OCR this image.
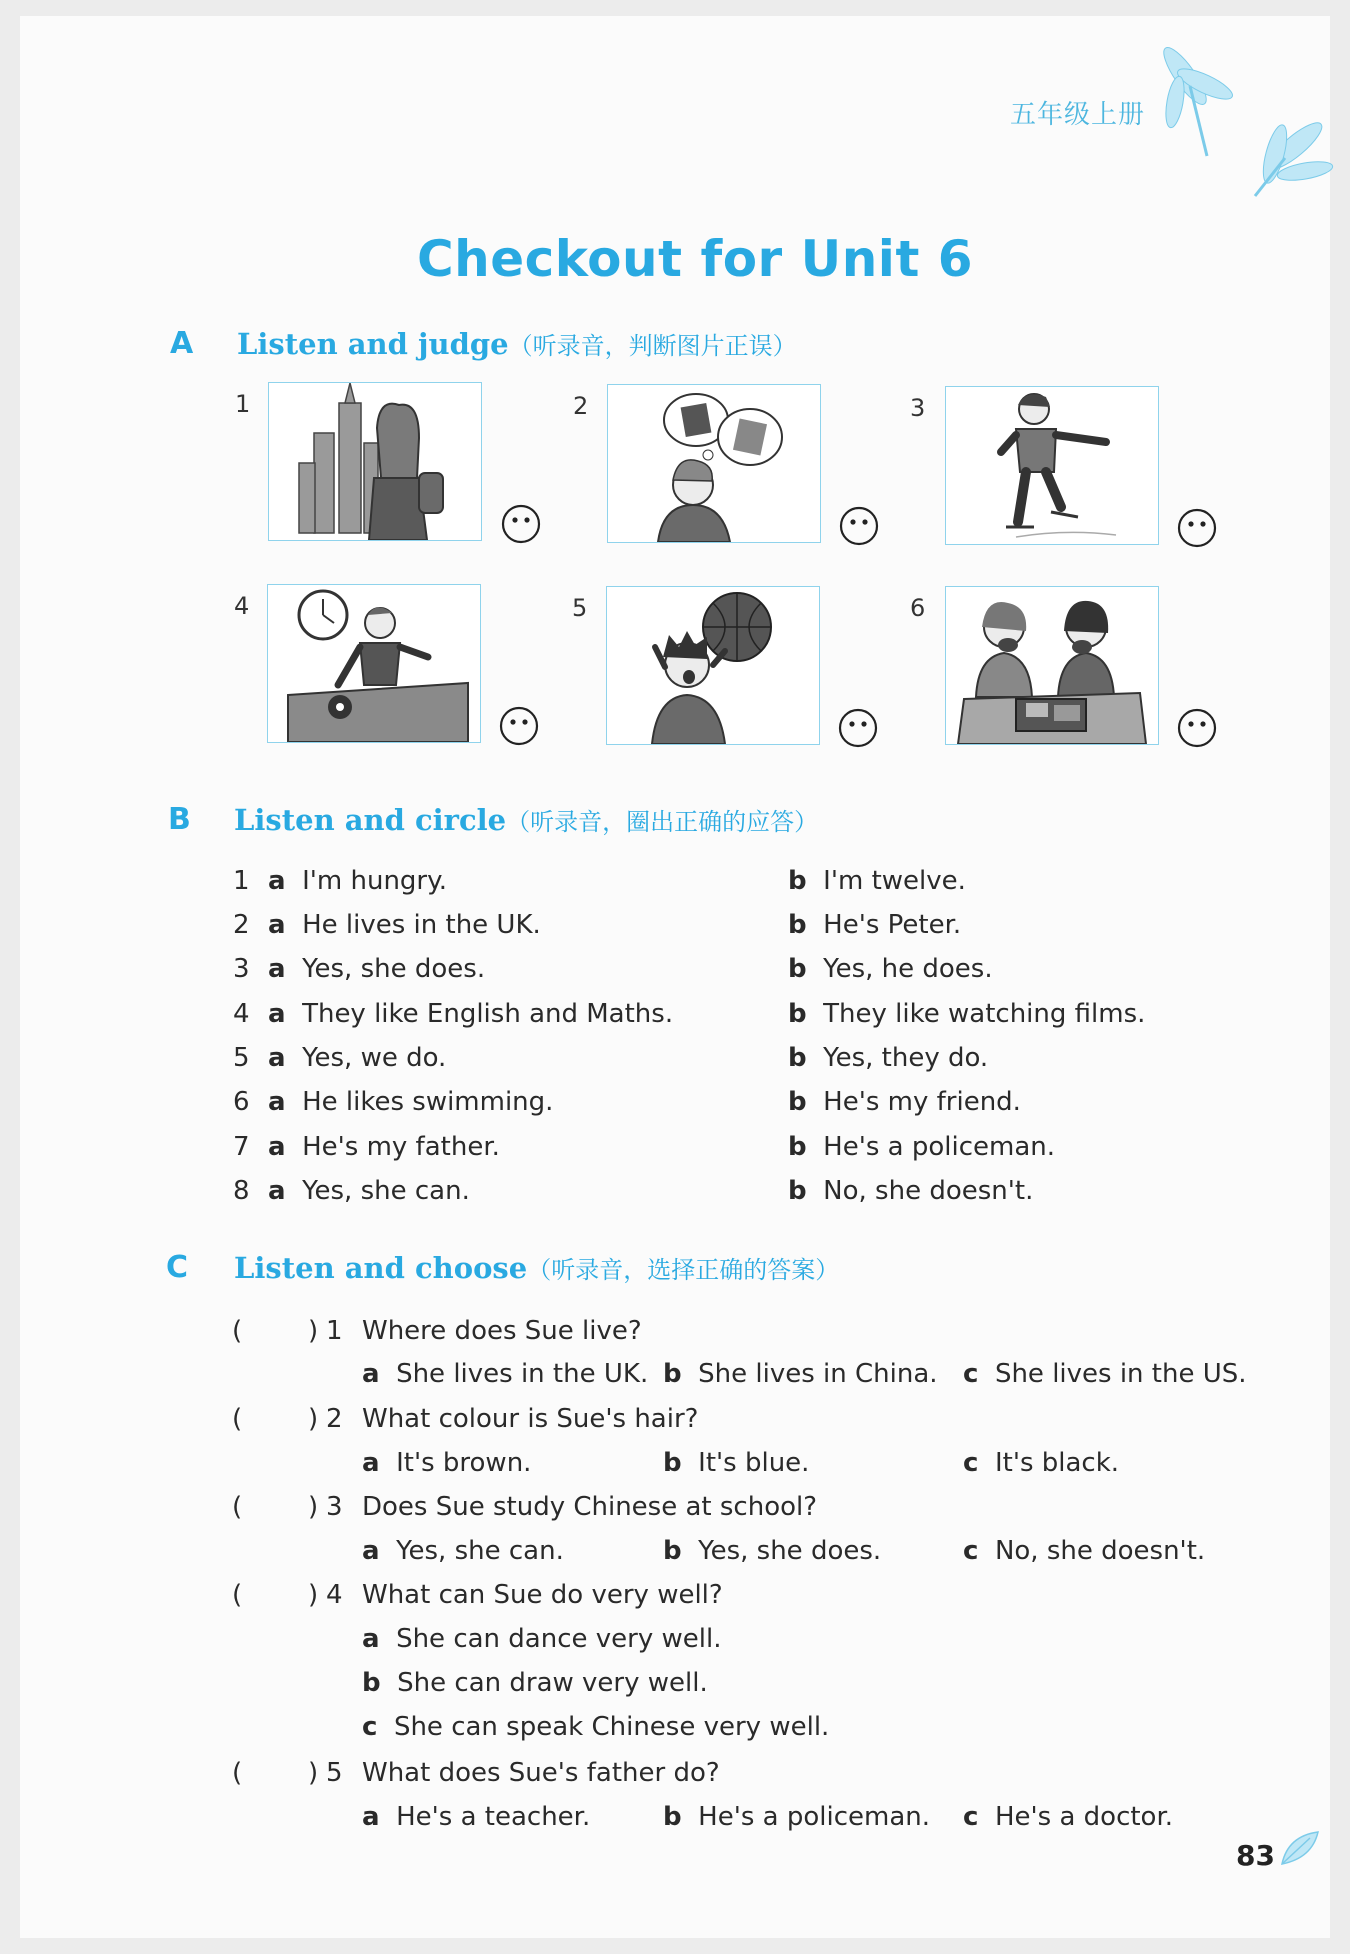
五年级上册
Checkout for Unit 6
A Listen and judge（听录音，判断图片正误）
1	2	3
4	5	6
B Listen and circle（听录音，圈出正确的应答）
1 a I'm hungry.	b I'm twelve.
2 a He lives in the UK.	b He's Peter.
3 a Yes, she does.	b Yes, he does.
4 a They like English and Maths.	b They like watching films.
5 a Yes, we do.	b Yes, they do.
6 a He likes swimming.	b He's my friend.
7 a He's my father.	b He's a policeman.
8 a Yes, she can.	b No, she doesn't.
C Listen and choose（听录音，选择正确的答案）
(	) 1 Where does Sue live?
a She lives in the UK. b She lives in China. c She lives in the US.
(	) 2 What colour is Sue's hair?
a It's brown.	b It's blue.	c It's black.
(	) 3 Does Sue study Chinese at school?
a Yes, she can.	b Yes, she does.	c No, she doesn't.
(	) 4 What can Sue do very well?
a She can dance very well.
b She can draw very well.
c She can speak Chinese very well.
(	) 5 What does Sue's father do?
a He's a teacher.	b He's a policeman. c He's a doctor.
83
